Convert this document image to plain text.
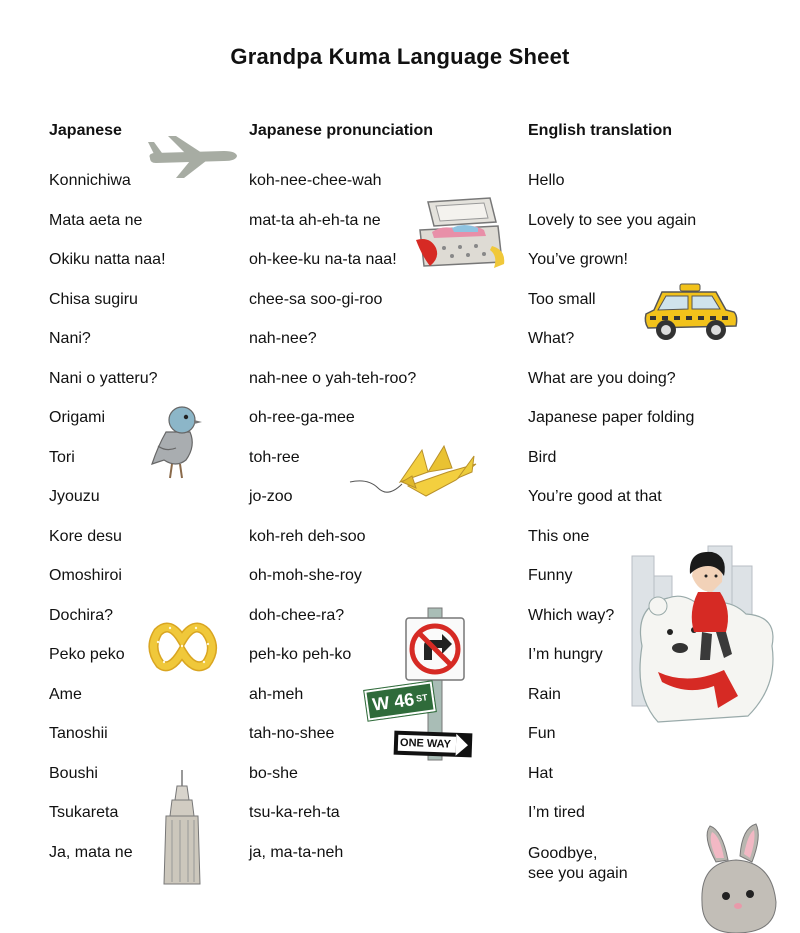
Grandpa Kuma Language Sheet
Japanese	Japanese pronunciation	English translation
Konnichiwa	koh-nee-chee-wah	Hello
Mata aeta ne	mat-ta ah-eh-ta ne	Lovely to see you again
Okiku natta naa!	oh-kee-ku na-ta naa!	You’ve grown!
Chisa sugiru	chee-sa soo-gi-roo	Too small
Nani?	nah-nee?	What?
Nani o yatteru?	nah-nee o yah-teh-roo?	What are you doing?
Origami	oh-ree-ga-mee	Japanese paper folding
Tori	toh-ree	Bird
Jyouzu	jo-zoo	You’re good at that
Kore desu	koh-reh deh-soo	This one
Omoshiroi	oh-moh-she-roy	Funny
Dochira?	doh-chee-ra?	Which way?
Peko peko	peh-ko peh-ko	I’m hungry
Ame	ah-meh	Rain
Tanoshii	tah-no-shee	Fun
Boushi	bo-she	Hat
Tsukareta	tsu-ka-reh-ta	I’m tired
Ja, mata ne	ja, ma-ta-neh	Goodbye,
see you again
W 46ST
ONE WAY
